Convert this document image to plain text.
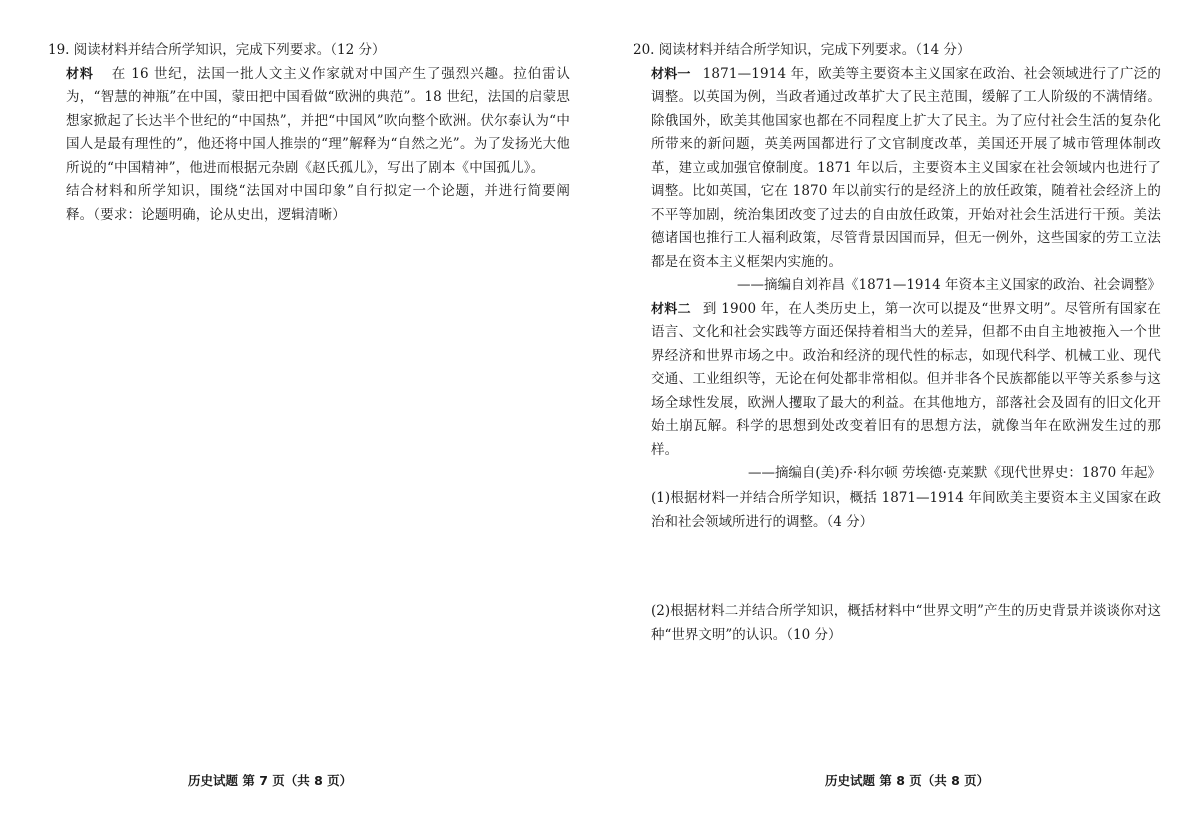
19. 阅读材料并结合所学知识，完成下列要求。（12 分）
材料 在 16 世纪，法国一批人文主义作家就对中国产生了强烈兴趣。拉伯雷认为，“智慧的神瓶”在中国，蒙田把中国看做“欧洲的典范”。18 世纪，法国的启蒙思想家掀起了长达半个世纪的“中国热”，并把“中国风”吹向整个欧洲。伏尔泰认为“中国人是最有理性的”，他还将中国人推崇的“理”解释为“自然之光”。为了发扬光大他所说的“中国精神”，他进而根据元杂剧《赵氏孤儿》，写出了剧本《中国孤儿》。
结合材料和所学知识，围绕“法国对中国印象”自行拟定一个论题，并进行简要阐释。（要求：论题明确，论从史出，逻辑清晰）
历史试题 第 7 页（共 8 页）
20. 阅读材料并结合所学知识，完成下列要求。（14 分）
材料一 1871—1914 年，欧美等主要资本主义国家在政治、社会领域进行了广泛的调整。以英国为例，当政者通过改革扩大了民主范围，缓解了工人阶级的不满情绪。除俄国外，欧美其他国家也都在不同程度上扩大了民主。为了应付社会生活的复杂化所带来的新问题，英美两国都进行了文官制度改革，美国还开展了城市管理体制改革，建立或加强官僚制度。1871 年以后，主要资本主义国家在社会领域内也进行了调整。比如英国，它在 1870 年以前实行的是经济上的放任政策，随着社会经济上的不平等加剧，统治集团改变了过去的自由放任政策，开始对社会生活进行干预。美法德诸国也推行工人福利政策，尽管背景因国而异，但无一例外，这些国家的劳工立法都是在资本主义框架内实施的。
——摘编自刘祚昌《1871—1914 年资本主义国家的政治、社会调整》
材料二 到 1900 年，在人类历史上，第一次可以提及“世界文明”。尽管所有国家在语言、文化和社会实践等方面还保持着相当大的差异，但都不由自主地被拖入一个世界经济和世界市场之中。政治和经济的现代性的标志，如现代科学、机械工业、现代交通、工业组织等，无论在何处都非常相似。但并非各个民族都能以平等关系参与这场全球性发展，欧洲人攫取了最大的利益。在其他地方，部落社会及固有的旧文化开始土崩瓦解。科学的思想到处改变着旧有的思想方法，就像当年在欧洲发生过的那样。
——摘编自(美)乔·科尔顿 劳埃德·克莱默《现代世界史：1870 年起》
(1)根据材料一并结合所学知识，概括 1871—1914 年间欧美主要资本主义国家在政治和社会领域所进行的调整。（4 分）
(2)根据材料二并结合所学知识，概括材料中“世界文明”产生的历史背景并谈谈你对这种“世界文明”的认识。（10 分）
历史试题 第 8 页（共 8 页）
